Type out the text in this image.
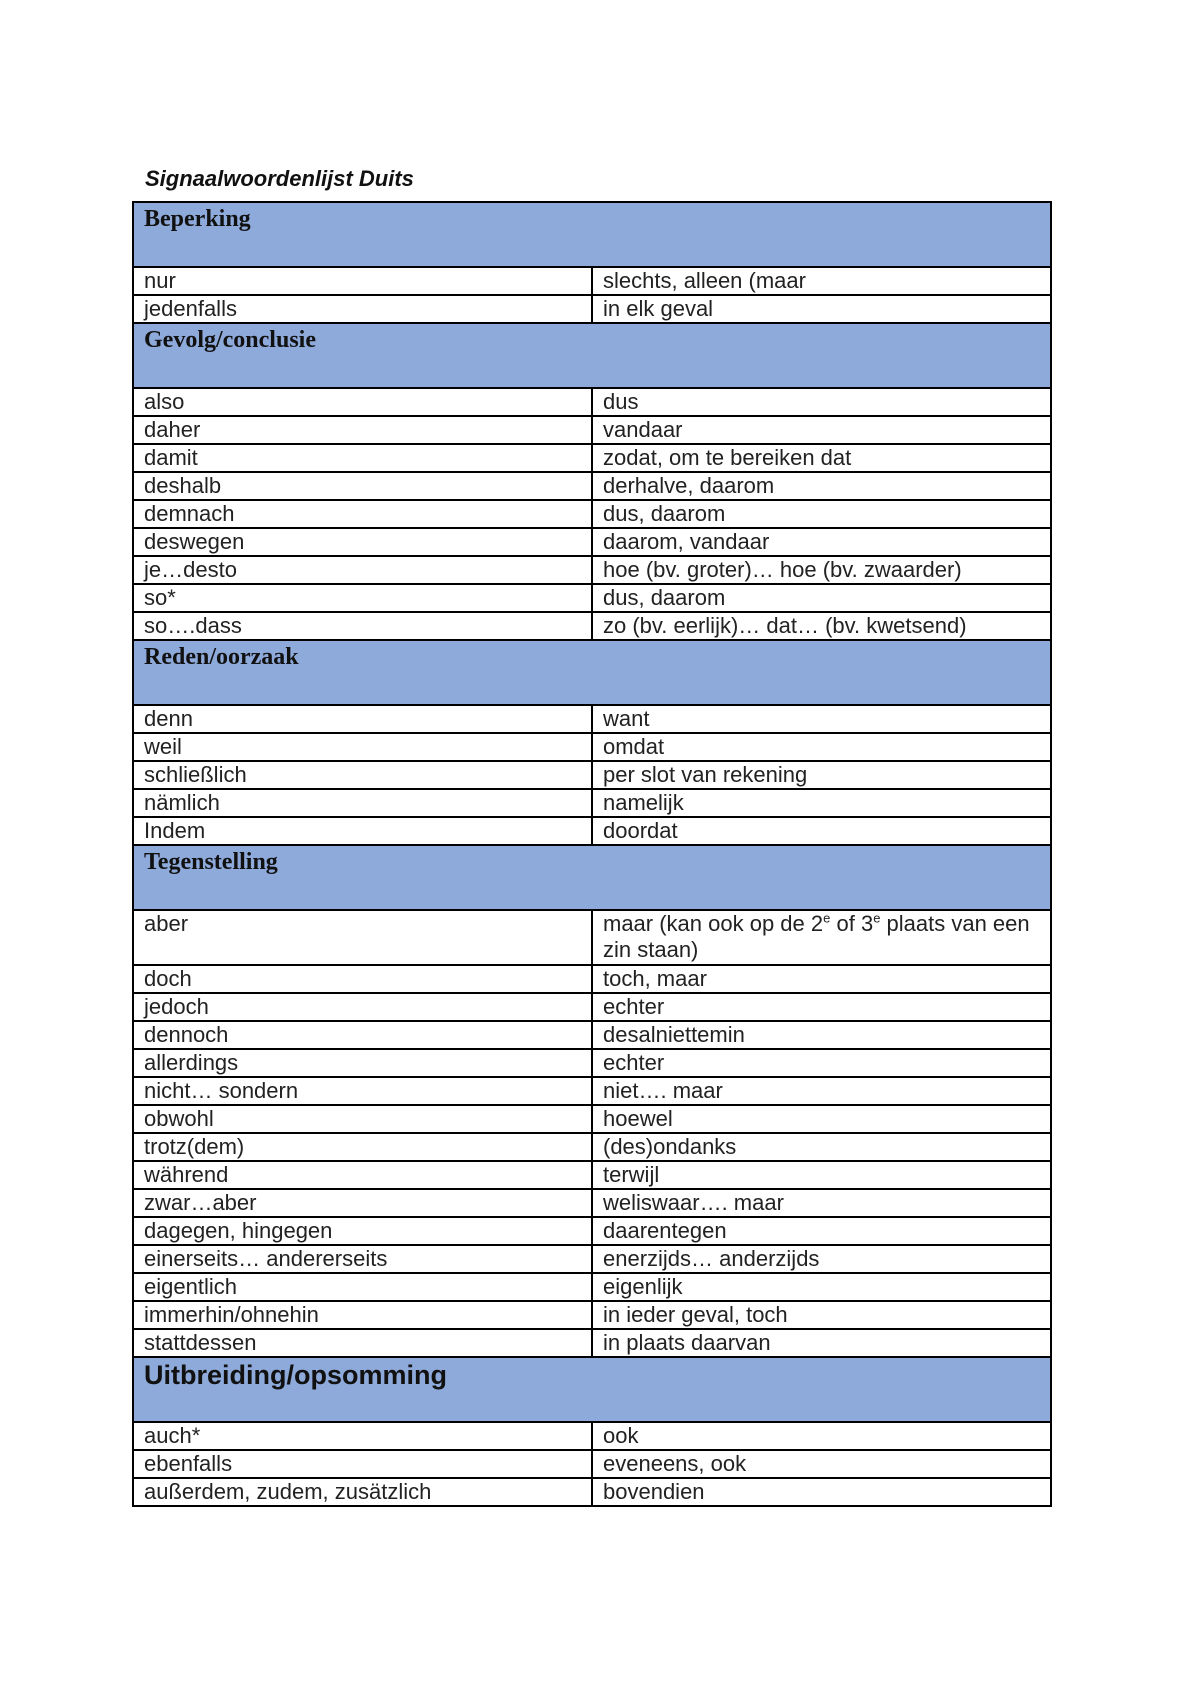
Signaalwoordenlijst Duits
Beperking	
nur	slechts, alleen (maar
jedenfalls	in elk geval
Gevolg/conclusie	
also	dus
daher	vandaar
damit	zodat, om te bereiken dat
deshalb	derhalve, daarom
demnach	dus, daarom
deswegen	daarom, vandaar
je…desto	hoe (bv. groter)… hoe (bv. zwaarder)
so*	dus, daarom
so….dass	zo (bv. eerlijk)… dat… (bv. kwetsend)
Reden/oorzaak	
denn	want
weil	omdat
schließlich	per slot van rekening
nämlich	namelijk
Indem	doordat
Tegenstelling	
aber	maar (kan ook op de 2e of 3e plaats van een zin staan)
doch	toch, maar
jedoch	echter
dennoch	desalniettemin
allerdings	echter
nicht… sondern	niet…. maar
obwohl	hoewel
trotz(dem)	(des)ondanks
während	terwijl
zwar…aber	weliswaar…. maar
dagegen, hingegen	daarentegen
einerseits… andererseits	enerzijds… anderzijds
eigentlich	eigenlijk
immerhin/ohnehin	in ieder geval, toch
stattdessen	in plaats daarvan
Uitbreiding/opsomming	
auch*	ook
ebenfalls	eveneens, ook
außerdem, zudem, zusätzlich	bovendien
